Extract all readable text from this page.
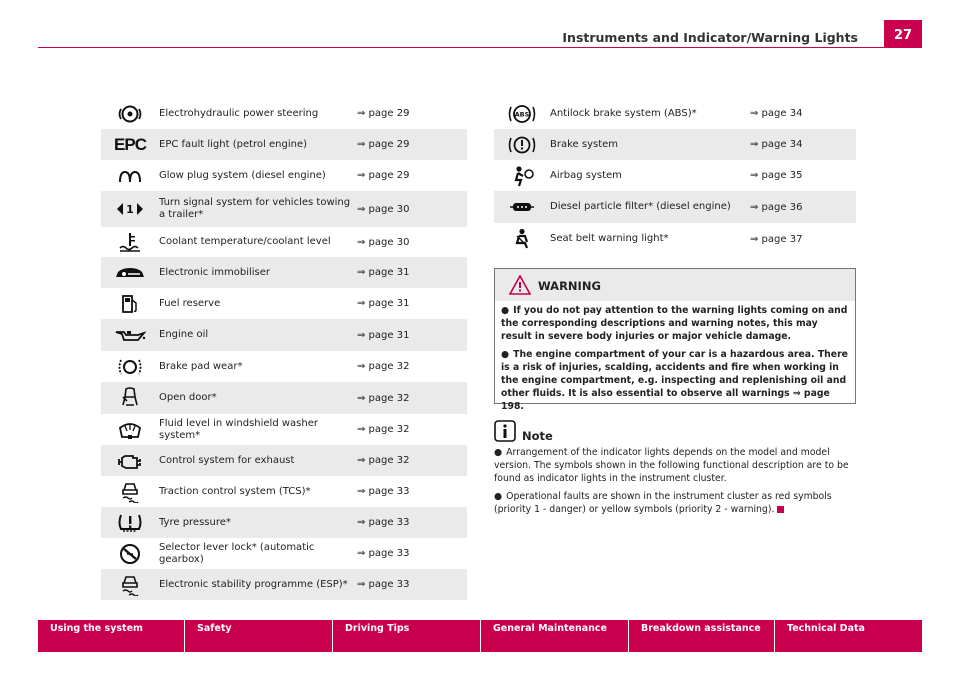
Instruments and Indicator/Warning Lights	27
	Electrohydraulic power steering	⇒ page 29
EPC	EPC fault light (petrol engine)	⇒ page 29

	Glow plug system (diesel engine)	⇒ page 29

1	Turn signal system for vehicles towing a trailer*	⇒ page 30

	Coolant temperature/coolant level	⇒ page 30

	Electronic immobiliser	⇒ page 31

	Fuel reserve	⇒ page 31

	Engine oil	⇒ page 31

	Brake pad wear*	⇒ page 32

	Open door*	⇒ page 32

	Fluid level in windshield washer system*	⇒ page 32

	Control system for exhaust	⇒ page 32

	Traction control system (TCS)*	⇒ page 33

	Tyre pressure*	⇒ page 33

	Selector lever lock* (automatic gearbox)	⇒ page 33

	Electronic stability programme (ESP)*	⇒ page 33
ABS	Antilock brake system (ABS)*	⇒ page 34

	Brake system	⇒ page 34

	Airbag system	⇒ page 35

	Diesel particle filter* (diesel engine)	⇒ page 36

	Seat belt warning light*	⇒ page 37
WARNING

● If you do not pay attention to the warning lights coming on and the corresponding descriptions and warning notes, this may result in severe body injuries or major vehicle damage.

● The engine compartment of your car is a hazardous area. There is a risk of injuries, scalding, accidents and fire when working in the engine compartment, e.g. inspecting and replenishing oil and other fluids. It is also essential to observe all warnings ⇒ page 198.

Note

● Arrangement of the indicator lights depends on the model and model version. The symbols shown in the following functional description are to be found as indicator lights in the instrument cluster.

● Operational faults are shown in the instrument cluster as red symbols (priority 1 - danger) or yellow symbols (priority 2 - warning).

Using the system	Safety	Driving Tips	General Maintenance	Breakdown assistance	Technical Data
